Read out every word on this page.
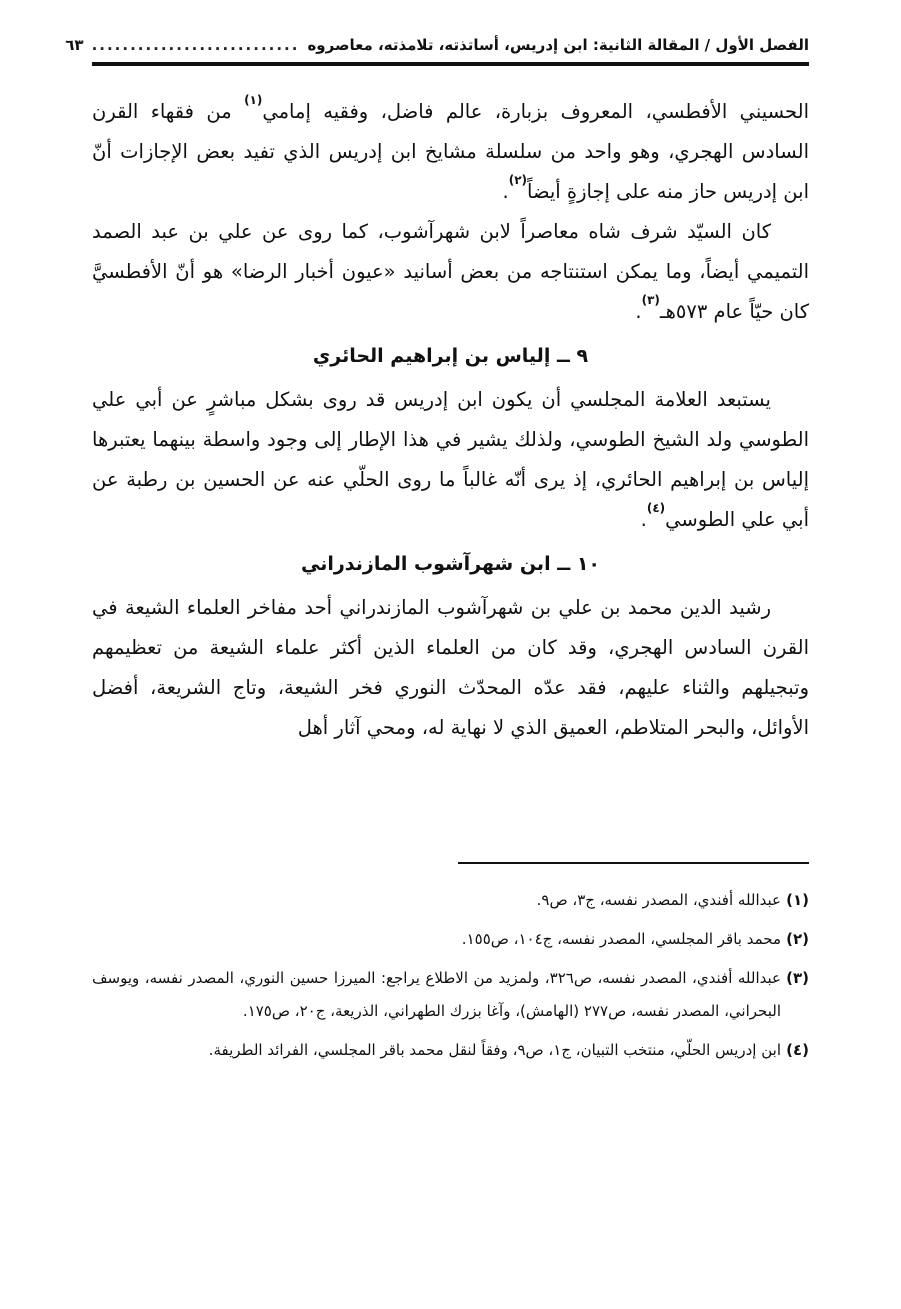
الفصل الأول / المقالة الثانية: ابن إدريس، أساتذته، تلامذته، معاصروه
...........................
٦٣

الحسيني الأفطسي، المعروف بزبارة، عالم فاضل، وفقيه إمامي$^{(١)}$ من فقهاء القرن السادس الهجري، وهو واحد من سلسلة مشايخ ابن إدريس الذي تفيد بعض الإجازات أنّ ابن إدريس حاز منه على إجازةٍ أيضاً$^{(٢)}$.

كان السيّد شرف شاه معاصراً لابن شهرآشوب، كما روى عن علي بن عبد الصمد التميمي أيضاً، وما يمكن استنتاجه من بعض أسانيد «عيون أخبار الرضا» هو أنّ الأفطسيَّ كان حيّاً عام ٥٧٣هـ$^{(٣)}$.

٩ ــ إلياس بن إبراهيم الحائري

يستبعد العلامة المجلسي أن يكون ابن إدريس قد روى بشكل مباشرٍ عن أبي علي الطوسي ولد الشيخ الطوسي، ولذلك يشير في هذا الإطار إلى وجود واسطة بينهما يعتبرها إلياس بن إبراهيم الحائري، إذ يرى أنّه غالباً ما روى الحلّي عنه عن الحسين بن رطبة عن أبي علي الطوسي$^{(٤)}$.

١٠ ــ ابن شهرآشوب المازندراني

رشيد الدين محمد بن علي بن شهرآشوب المازندراني أحد مفاخر العلماء الشيعة في القرن السادس الهجري، وقد كان من العلماء الذين أكثر علماء الشيعة من تعظيمهم وتبجيلهم والثناء عليهم، فقد عدّه المحدّث النوري فخر الشيعة، وتاج الشريعة، أفضل الأوائل، والبحر المتلاطم، العميق الذي لا نهاية له، ومحي آثار أهل

(١)
عبدالله أفندي، المصدر نفسه، ج٣، ص٩.
(٢)
محمد باقر المجلسي، المصدر نفسه، ج١٠٤، ص١٥٥.
(٣)
عبدالله أفندي، المصدر نفسه، ص٣٢٦، ولمزيد من الاطلاع يراجع: الميرزا حسين النوري، المصدر نفسه، ويوسف البحراني، المصدر نفسه، ص٢٧٧ (الهامش)، وآغا بزرك الطهراني، الذريعة، ج٢٠، ص١٧٥.
(٤)
ابن إدريس الحلّي، منتخب التبيان، ج١، ص٩، وفقاً لنقل محمد باقر المجلسي، الفرائد الطريفة.
